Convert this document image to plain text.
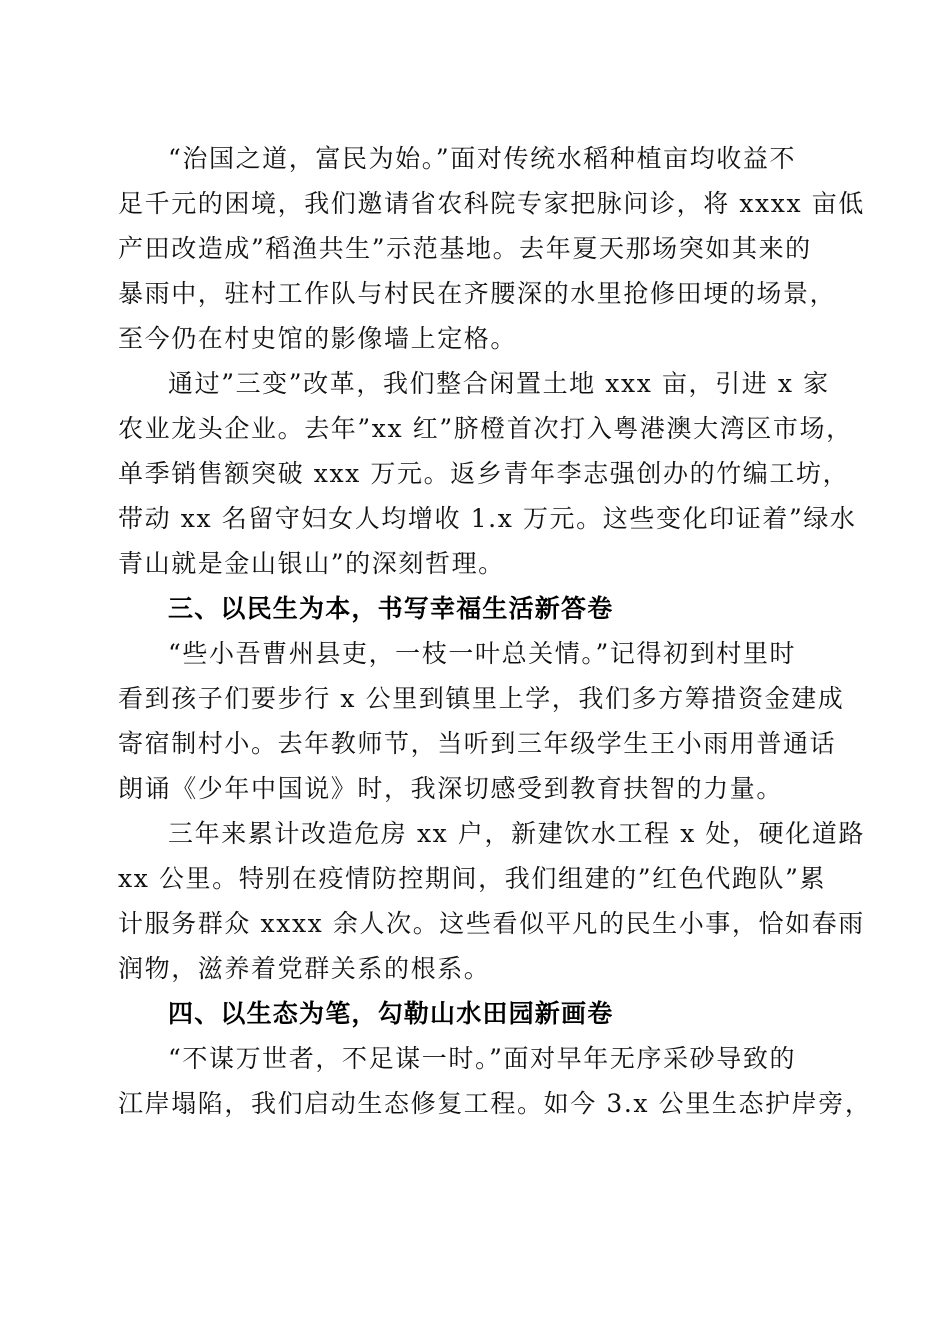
“治国之道，富民为始。”面对传统水稻种植亩均收益不
足千元的困境，我们邀请省农科院专家把脉问诊，将 xxxx 亩低
产田改造成”稻渔共生”示范基地。去年夏天那场突如其来的
暴雨中，驻村工作队与村民在齐腰深的水里抢修田埂的场景，
至今仍在村史馆的影像墙上定格。
通过”三变”改革，我们整合闲置土地 xxx 亩，引进 x 家
农业龙头企业。去年”xx 红”脐橙首次打入粤港澳大湾区市场，
单季销售额突破 xxx 万元。返乡青年李志强创办的竹编工坊，
带动 xx 名留守妇女人均增收 1.x 万元。这些变化印证着”绿水
青山就是金山银山”的深刻哲理。
三、以民生为本，书写幸福生活新答卷
“些小吾曹州县吏，一枝一叶总关情。”记得初到村里时
看到孩子们要步行 x 公里到镇里上学，我们多方筹措资金建成
寄宿制村小。去年教师节，当听到三年级学生王小雨用普通话
朗诵《少年中国说》时，我深切感受到教育扶智的力量。
三年来累计改造危房 xx 户，新建饮水工程 x 处，硬化道路
xx 公里。特别在疫情防控期间，我们组建的”红色代跑队”累
计服务群众 xxxx 余人次。这些看似平凡的民生小事，恰如春雨
润物，滋养着党群关系的根系。
四、以生态为笔，勾勒山水田园新画卷
“不谋万世者，不足谋一时。”面对早年无序采砂导致的
江岸塌陷，我们启动生态修复工程。如今 3.x 公里生态护岸旁，
